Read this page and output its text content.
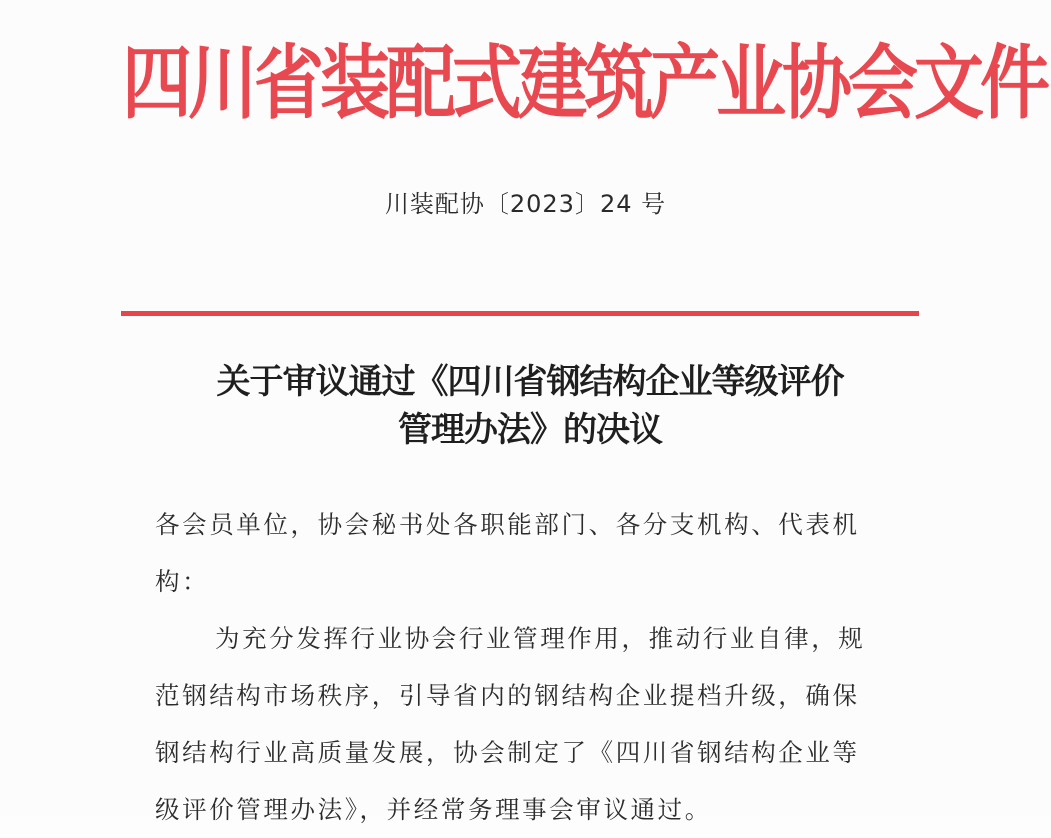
四川省装配式建筑产业协会文件
川装配协〔2023〕24 号
关于审议通过《四川省钢结构企业等级评价
管理办法》的决议
各会员单位，协会秘书处各职能部门、各分支机构、代表机
构：
为充分发挥行业协会行业管理作用，推动行业自律，规
范钢结构市场秩序，引导省内的钢结构企业提档升级，确保
钢结构行业高质量发展，协会制定了《四川省钢结构企业等
级评价管理办法》，并经常务理事会审议通过。
